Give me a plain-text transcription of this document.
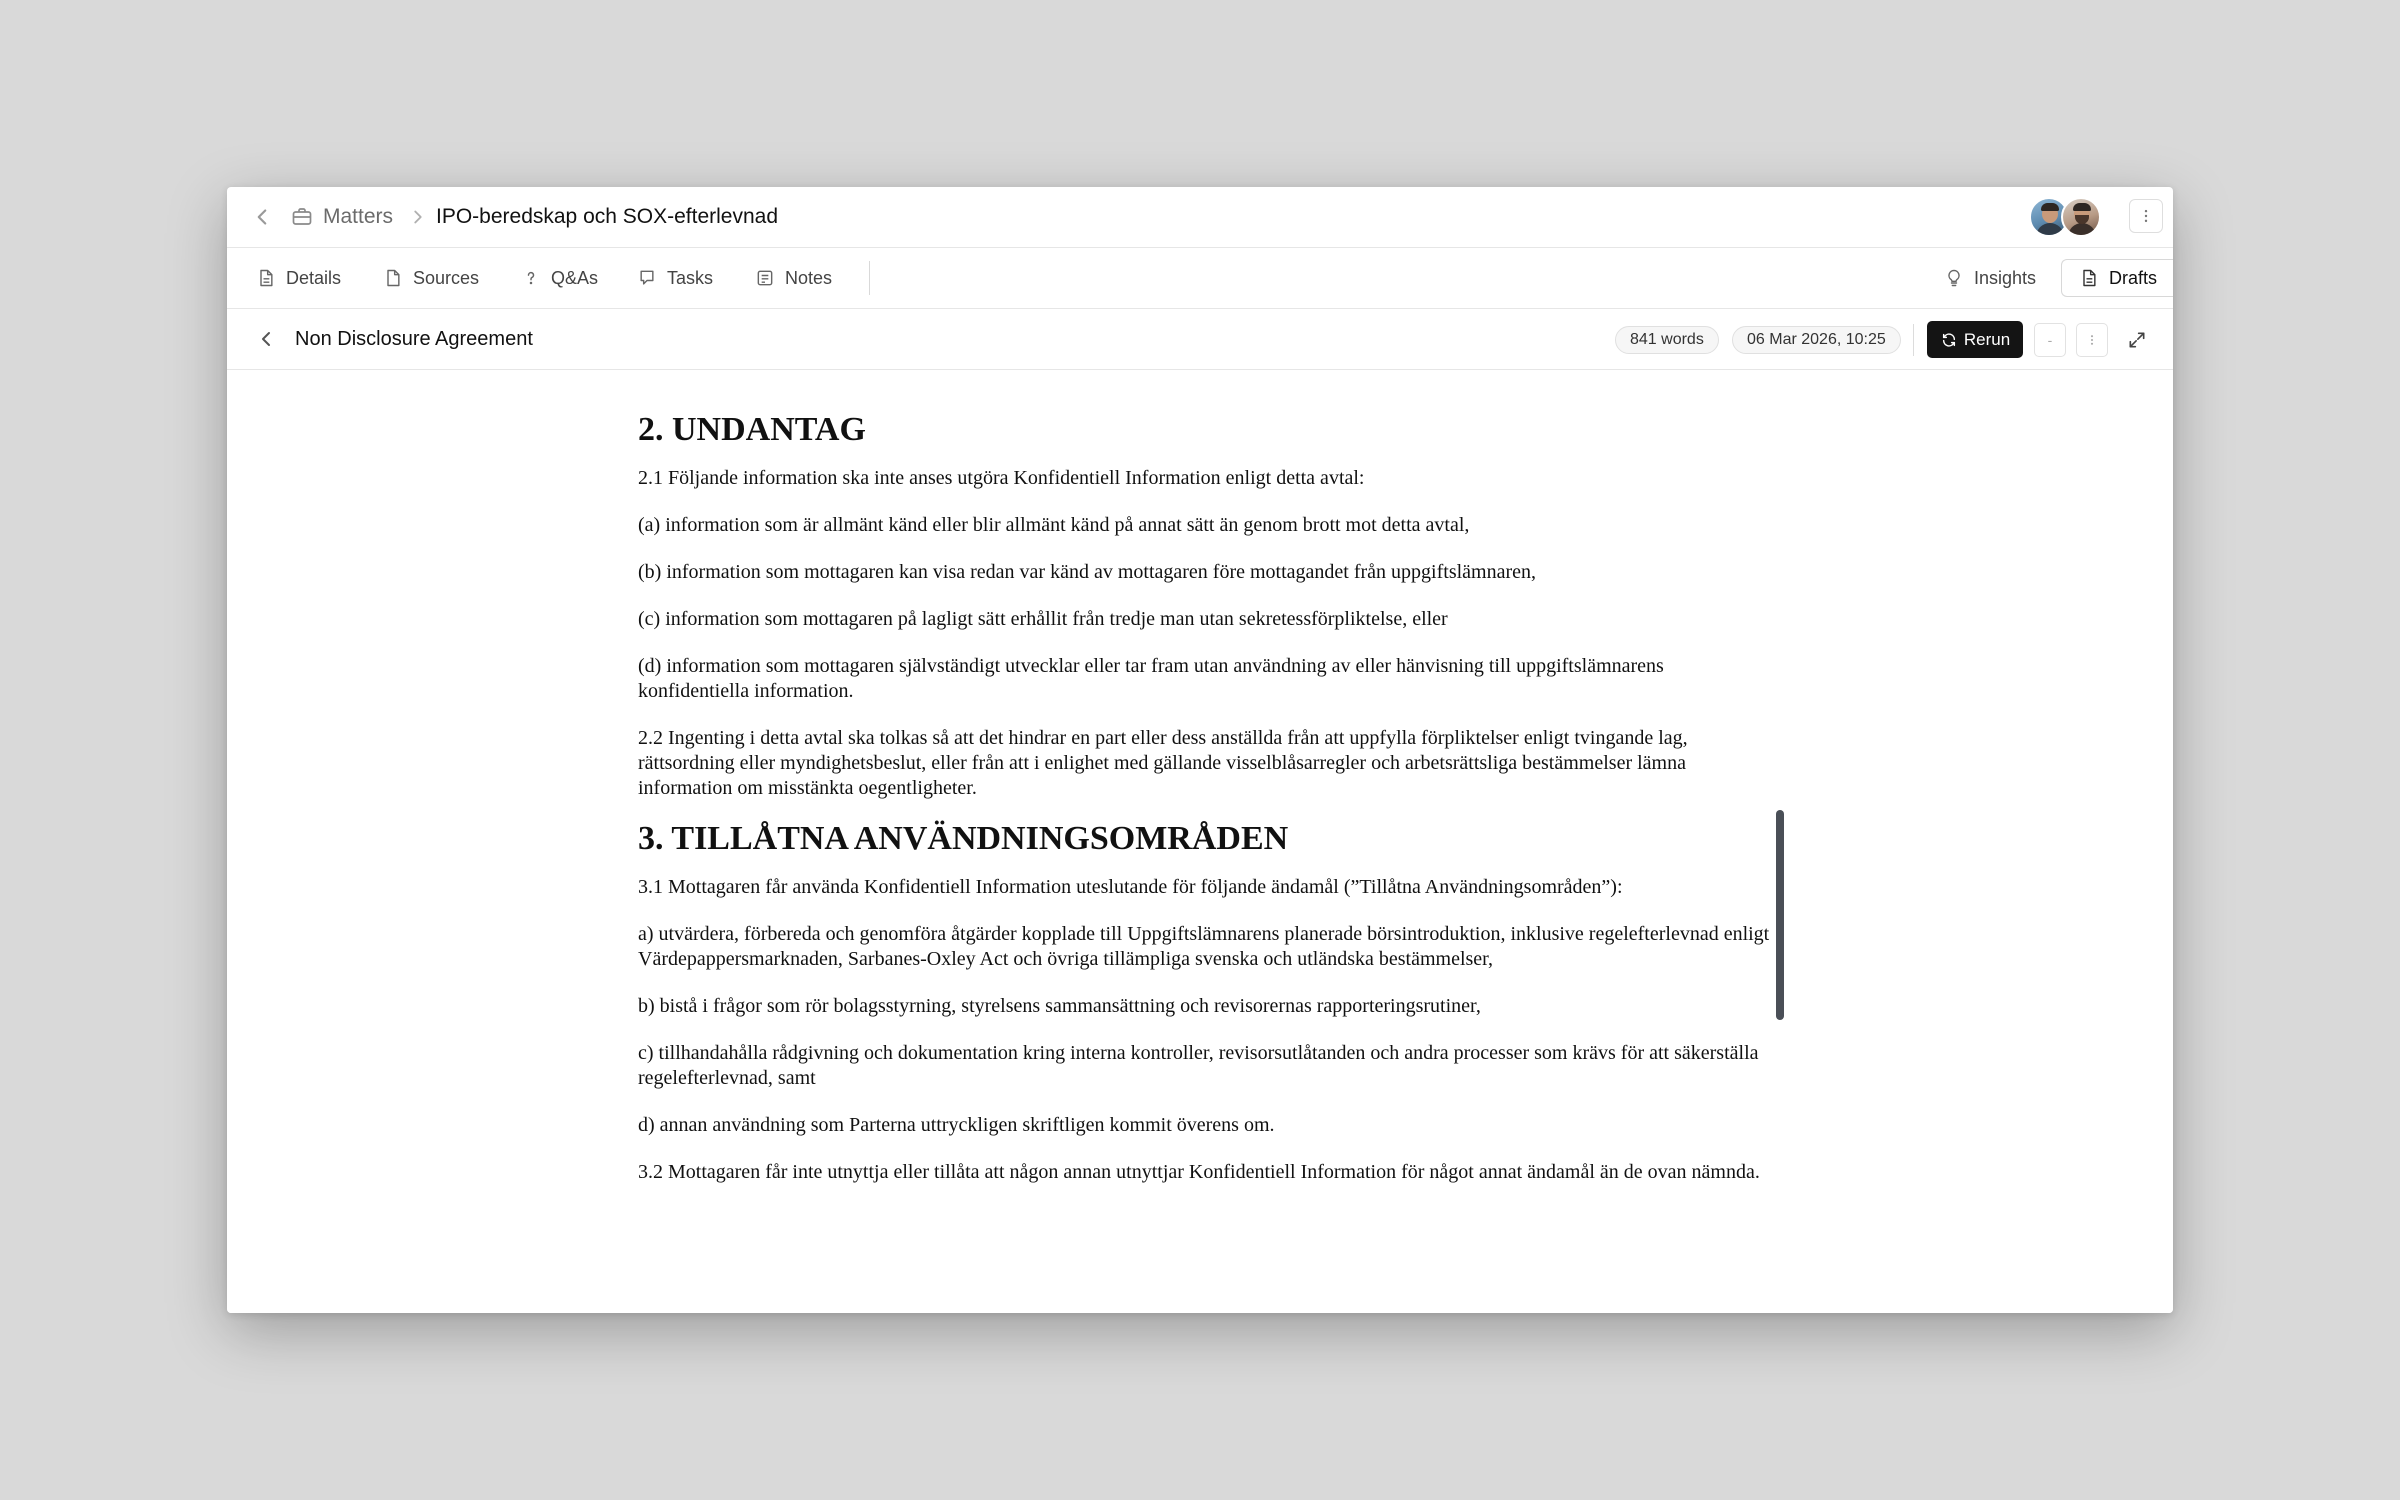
Matters IPO-beredskap och SOX-efterlevnad
Details	Sources	Q&As	Tasks	Notes	Insights	Drafts
Non Disclosure Agreement	841 words	06 Mar 2026, 10:25	Rerun	-
2. UNDANTAG

2.1 Följande information ska inte anses utgöra Konfidentiell Information enligt detta avtal:

(a) information som är allmänt känd eller blir allmänt känd på annat sätt än genom brott mot detta avtal,

(b) information som mottagaren kan visa redan var känd av mottagaren före mottagandet från uppgiftslämnaren,

(c) information som mottagaren på lagligt sätt erhållit från tredje man utan sekretessförpliktelse, eller

(d) information som mottagaren självständigt utvecklar eller tar fram utan användning av eller hänvisning till uppgiftslämnarens konfidentiella information.

2.2 Ingenting i detta avtal ska tolkas så att det hindrar en part eller dess anställda från att uppfylla förpliktelser enligt tvingande lag, rättsordning eller myndighetsbeslut, eller från att i enlighet med gällande visselblåsarregler och arbetsrättsliga bestämmelser lämna information om misstänkta oegentligheter.

3. TILLÅTNA ANVÄNDNINGSOMRÅDEN

3.1 Mottagaren får använda Konfidentiell Information uteslutande för följande ändamål (”Tillåtna Användningsområden”):

a) utvärdera, förbereda och genomföra åtgärder kopplade till Uppgiftslämnarens planerade börsintroduktion, inklusive regelefterlevnad enligt Värdepappersmarknaden, Sarbanes-Oxley Act och övriga tillämpliga svenska och utländska bestämmelser,

b) bistå i frågor som rör bolagsstyrning, styrelsens sammansättning och revisorernas rapporteringsrutiner,

c) tillhandahålla rådgivning och dokumentation kring interna kontroller, revisorsutlåtanden och andra processer som krävs för att säkerställa regelefterlevnad, samt

d) annan användning som Parterna uttryckligen skriftligen kommit överens om.

3.2 Mottagaren får inte utnyttja eller tillåta att någon annan utnyttjar Konfidentiell Information för något annat ändamål än de ovan nämnda.
